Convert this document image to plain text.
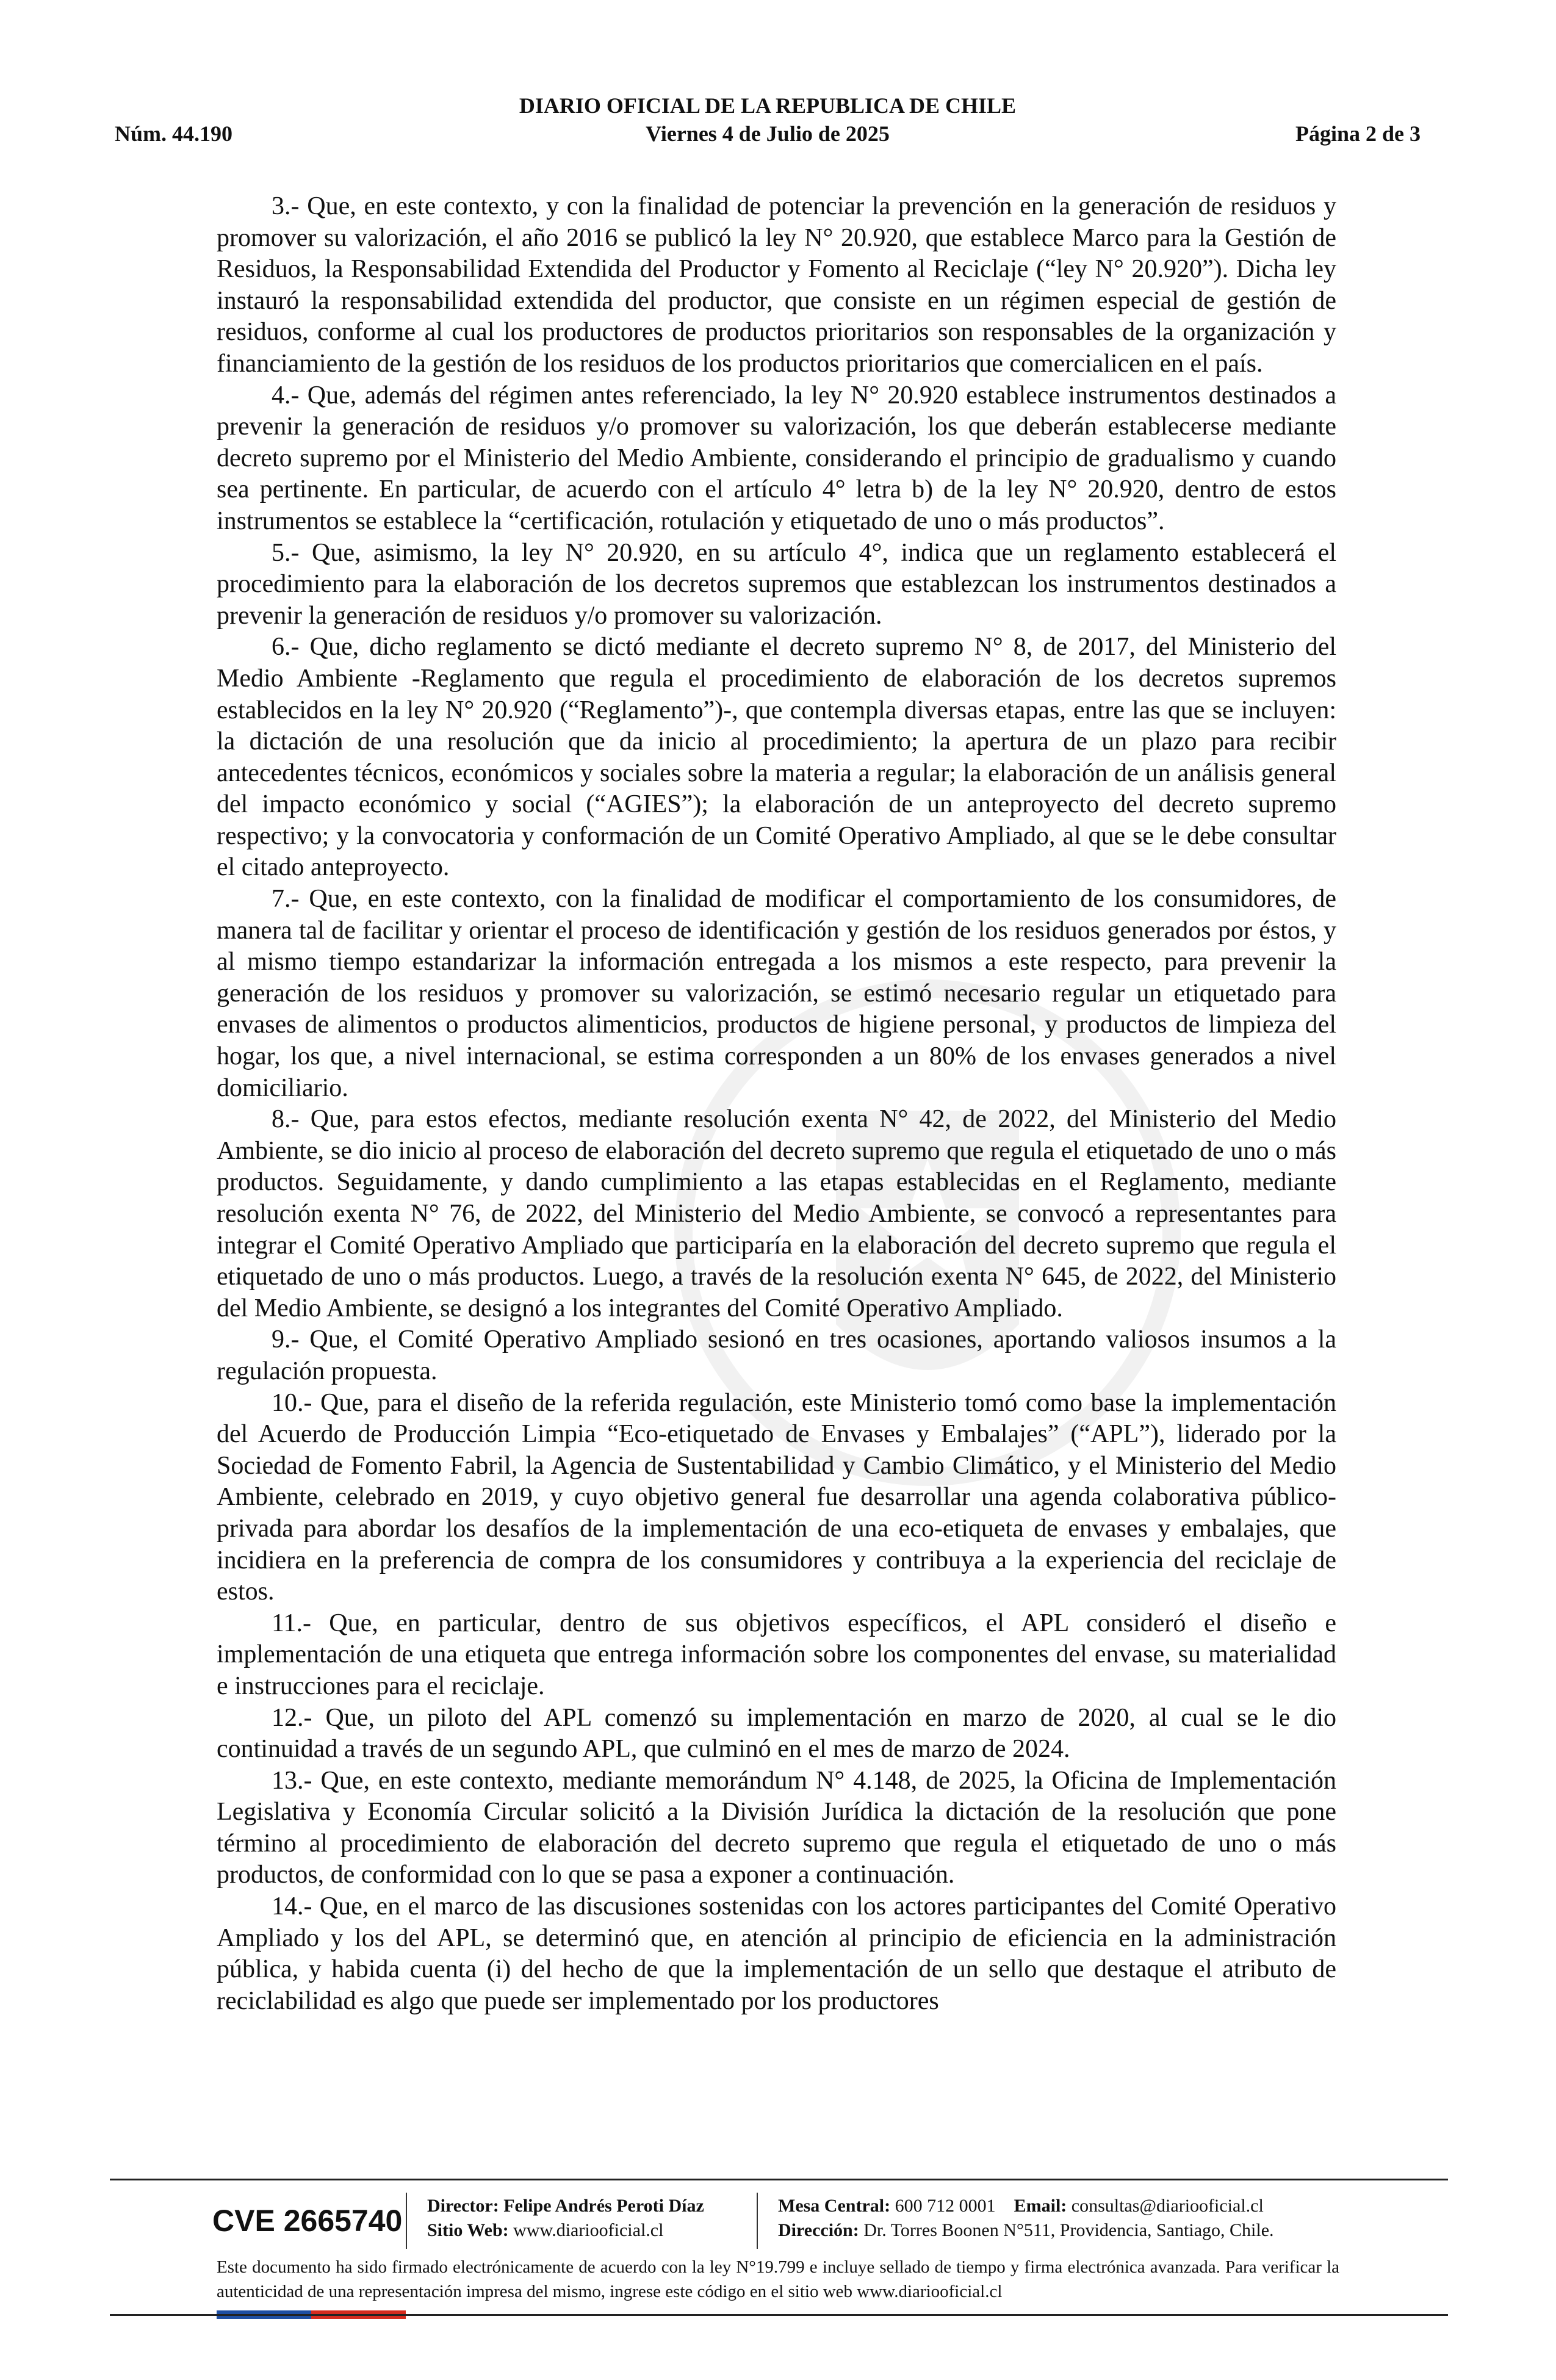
DIARIO OFICIAL DE LA REPUBLICA DE CHILE
Núm. 44.190	Viernes 4 de Julio de 2025	Página 2 de 3

3.- Que, en este contexto, y con la finalidad de potenciar la prevención en la generación de residuos y promover su valorización, el año 2016 se publicó la ley N° 20.920, que establece Marco para la Gestión de Residuos, la Responsabilidad Extendida del Productor y Fomento al Reciclaje (“ley N° 20.920”). Dicha ley instauró la responsabilidad extendida del productor, que consiste en un régimen especial de gestión de residuos, conforme al cual los productores de productos prioritarios son responsables de la organización y financiamiento de la gestión de los residuos de los productos prioritarios que comercialicen en el país.

4.- Que, además del régimen antes referenciado, la ley N° 20.920 establece instrumentos destinados a prevenir la generación de residuos y/o promover su valorización, los que deberán establecerse mediante decreto supremo por el Ministerio del Medio Ambiente, considerando el principio de gradualismo y cuando sea pertinente. En particular, de acuerdo con el artículo 4° letra b) de la ley N° 20.920, dentro de estos instrumentos se establece la “certificación, rotulación y etiquetado de uno o más productos”.

5.- Que, asimismo, la ley N° 20.920, en su artículo 4°, indica que un reglamento establecerá el procedimiento para la elaboración de los decretos supremos que establezcan los instrumentos destinados a prevenir la generación de residuos y/o promover su valorización.

6.- Que, dicho reglamento se dictó mediante el decreto supremo N° 8, de 2017, del Ministerio del Medio Ambiente -Reglamento que regula el procedimiento de elaboración de los decretos supremos establecidos en la ley N° 20.920 (“Reglamento”)-, que contempla diversas etapas, entre las que se incluyen: la dictación de una resolución que da inicio al procedimiento; la apertura de un plazo para recibir antecedentes técnicos, económicos y sociales sobre la materia a regular; la elaboración de un análisis general del impacto económico y social (“AGIES”); la elaboración de un anteproyecto del decreto supremo respectivo; y la convocatoria y conformación de un Comité Operativo Ampliado, al que se le debe consultar el citado anteproyecto.

7.- Que, en este contexto, con la finalidad de modificar el comportamiento de los consumidores, de manera tal de facilitar y orientar el proceso de identificación y gestión de los residuos generados por éstos, y al mismo tiempo estandarizar la información entregada a los mismos a este respecto, para prevenir la generación de los residuos y promover su valorización, se estimó necesario regular un etiquetado para envases de alimentos o productos alimenticios, productos de higiene personal, y productos de limpieza del hogar, los que, a nivel internacional, se estima corresponden a un 80% de los envases generados a nivel domiciliario.

8.- Que, para estos efectos, mediante resolución exenta N° 42, de 2022, del Ministerio del Medio Ambiente, se dio inicio al proceso de elaboración del decreto supremo que regula el etiquetado de uno o más productos. Seguidamente, y dando cumplimiento a las etapas establecidas en el Reglamento, mediante resolución exenta N° 76, de 2022, del Ministerio del Medio Ambiente, se convocó a representantes para integrar el Comité Operativo Ampliado que participaría en la elaboración del decreto supremo que regula el etiquetado de uno o más productos. Luego, a través de la resolución exenta N° 645, de 2022, del Ministerio del Medio Ambiente, se designó a los integrantes del Comité Operativo Ampliado.

9.- Que, el Comité Operativo Ampliado sesionó en tres ocasiones, aportando valiosos insumos a la regulación propuesta.

10.- Que, para el diseño de la referida regulación, este Ministerio tomó como base la implementación del Acuerdo de Producción Limpia “Eco-etiquetado de Envases y Embalajes” (“APL”), liderado por la Sociedad de Fomento Fabril, la Agencia de Sustentabilidad y Cambio Climático, y el Ministerio del Medio Ambiente, celebrado en 2019, y cuyo objetivo general fue desarrollar una agenda colaborativa público-privada para abordar los desafíos de la implementación de una eco-etiqueta de envases y embalajes, que incidiera en la preferencia de compra de los consumidores y contribuya a la experiencia del reciclaje de estos.

11.- Que, en particular, dentro de sus objetivos específicos, el APL consideró el diseño e implementación de una etiqueta que entrega información sobre los componentes del envase, su materialidad e instrucciones para el reciclaje.

12.- Que, un piloto del APL comenzó su implementación en marzo de 2020, al cual se le dio continuidad a través de un segundo APL, que culminó en el mes de marzo de 2024.

13.- Que, en este contexto, mediante memorándum N° 4.148, de 2025, la Oficina de Implementación Legislativa y Economía Circular solicitó a la División Jurídica la dictación de la resolución que pone término al procedimiento de elaboración del decreto supremo que regula el etiquetado de uno o más productos, de conformidad con lo que se pasa a exponer a continuación.

14.- Que, en el marco de las discusiones sostenidas con los actores participantes del Comité Operativo Ampliado y los del APL, se determinó que, en atención al principio de eficiencia en la administración pública, y habida cuenta (i) del hecho de que la implementación de un sello que destaque el atributo de reciclabilidad es algo que puede ser implementado por los productores

CVE 2665740 Director: Felipe Andrés Peroti Díaz
Sitio Web: www.diariooficial.cl
Mesa Central: 600 712 0001 Email: consultas@diariooficial.cl
Dirección: Dr. Torres Boonen N°511, Providencia, Santiago, Chile.
Este documento ha sido firmado electrónicamente de acuerdo con la ley N°19.799 e incluye sellado de tiempo y firma electrónica avanzada. Para verificar la autenticidad de una representación impresa del mismo, ingrese este código en el sitio web www.diariooficial.cl
